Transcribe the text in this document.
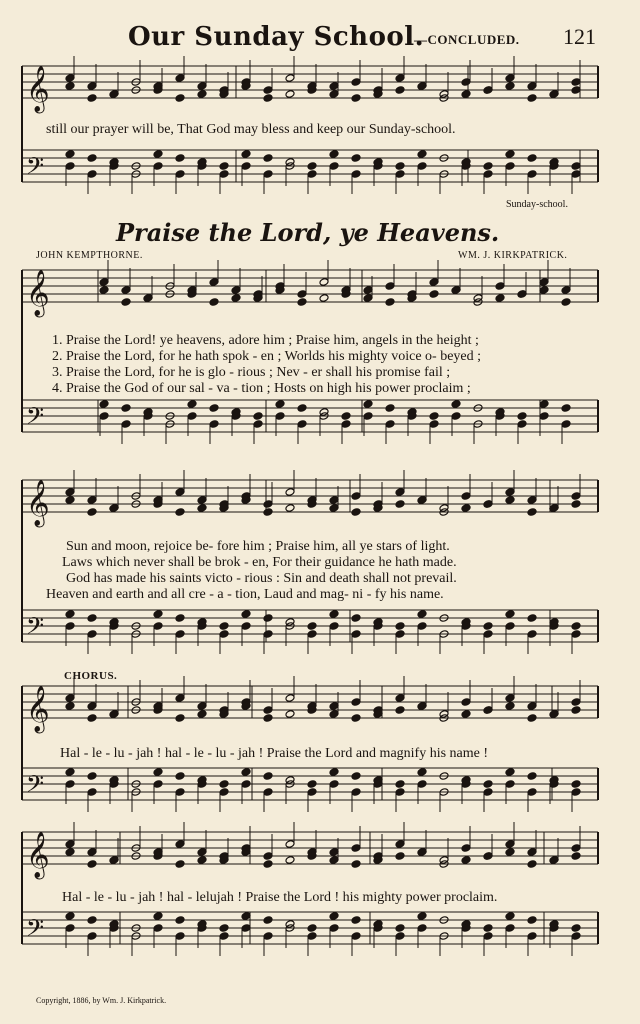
Our Sunday School.
—CONCLUDED. 121
𝄞
𝄞
𝄞
𝄞
𝄞
𝄢
𝄢
𝄢
𝄢
𝄢
still our prayer will be, That God may bless and keep our Sunday-school.
Sunday-school.
Praise the Lord, ye Heavens.
JOHN KEMPTHORNE.	WM. J. KIRKPATRICK.
1. Praise the Lord! ye heavens, adore him ; Praise him, angels in the height ;
2. Praise the Lord, for he hath spok - en ; Worlds his mighty voice o- beyed ;
3. Praise the Lord, for he is glo - rious ; Nev - er shall his promise fail ;
4. Praise the God of our sal - va - tion ; Hosts on high his power proclaim ;
Sun and moon, rejoice be- fore him ; Praise him, all ye stars of light.
Laws which never shall be brok - en, For their guidance he hath made.
God has made his saints victo - rious : Sin and death shall not prevail.
Heaven and earth and all cre - a - tion, Laud and mag- ni - fy his name.
CHORUS.
Hal - le - lu - jah ! hal - le - lu - jah ! Praise the Lord and magnify his name !
Hal - le - lu - jah ! hal - lelujah ! Praise the Lord ! his mighty power proclaim.
Copyright, 1886, by Wm. J. Kirkpatrick.
